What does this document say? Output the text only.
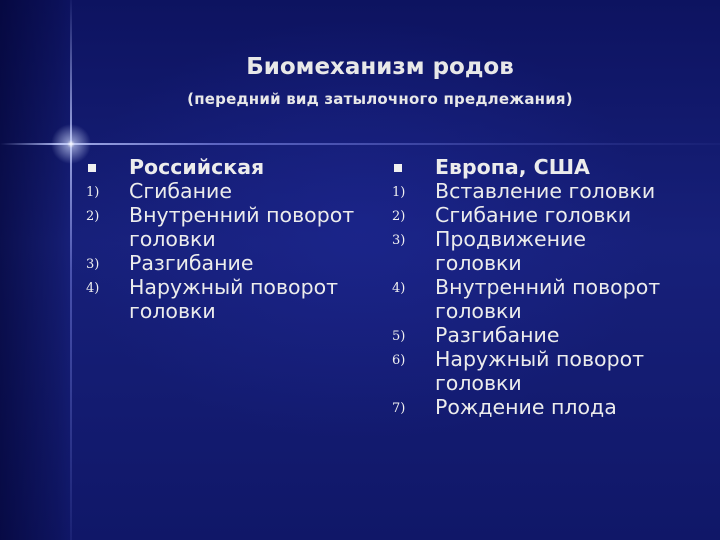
Биомеханизм родов
(передний вид затылочного предлежания)
Российская
1)	Сгибание
2)	Внутренний поворот
головки
3)	Разгибание
4)	Наружный поворот
головки
Европа, США
1)	Вставление головки
2)	Сгибание головки
3)	Продвижение
головки
4)	Внутренний поворот
головки
5)	Разгибание
6)	Наружный поворот
головки
7)	Рождение плода
